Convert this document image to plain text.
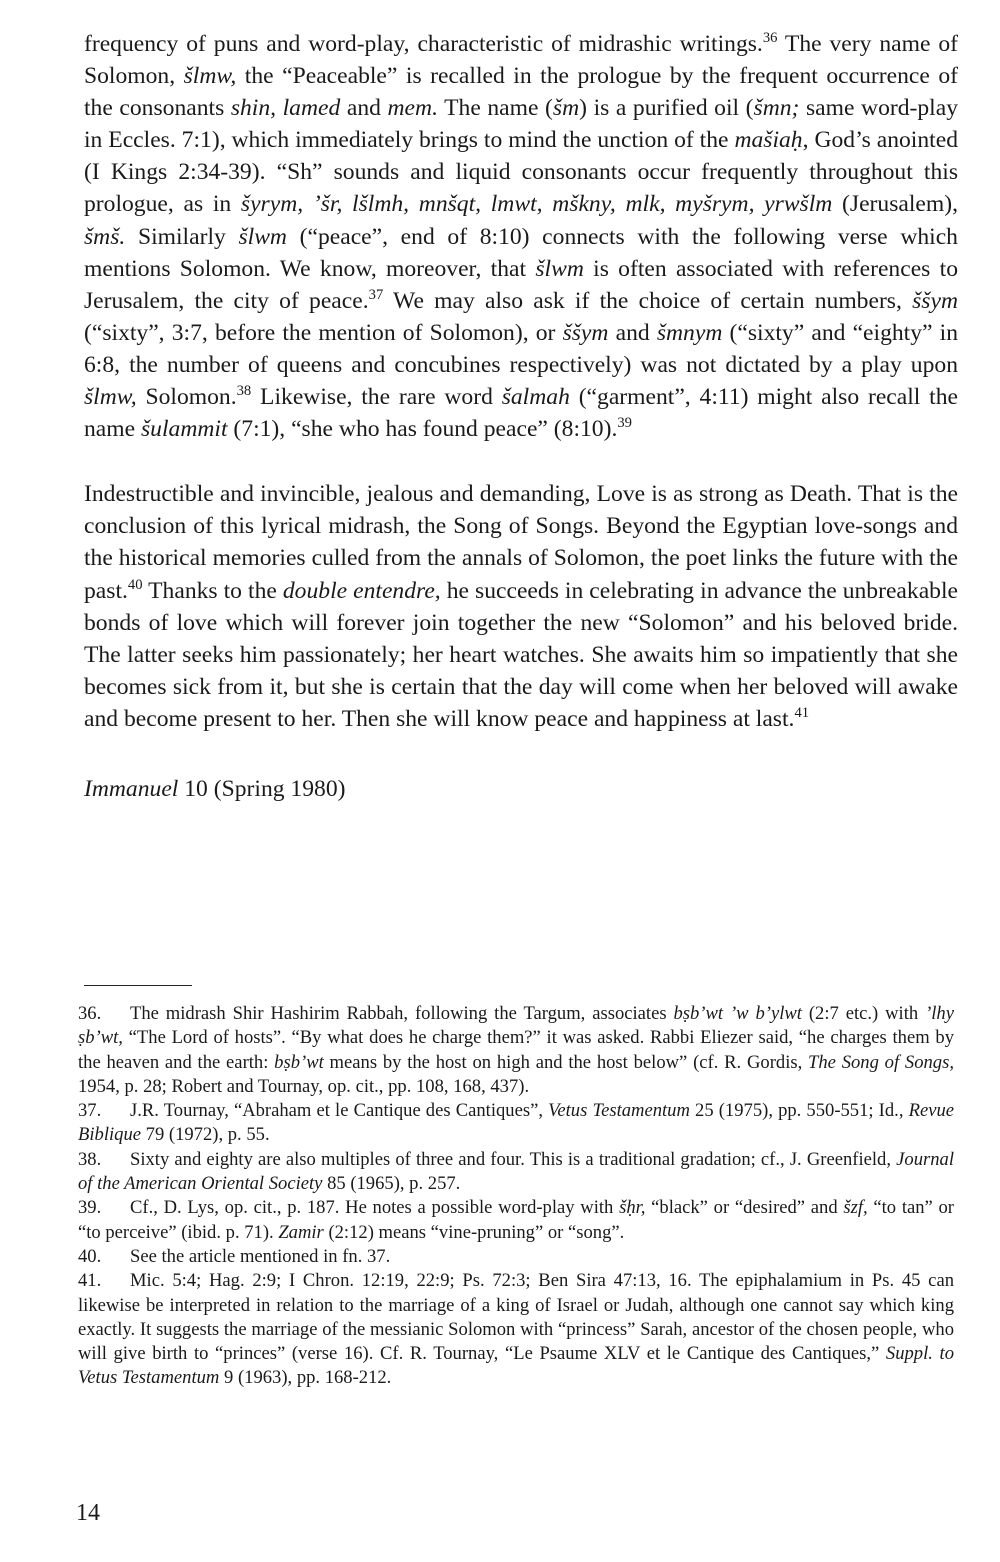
frequency of puns and word-play, characteristic of midrashic writings.$^{36}$ The very name of Solomon, šlmw, the “Peaceable” is recalled in the prologue by the frequent occurrence of the consonants shin, lamed and mem. The name (šm) is a purified oil (šmn; same word-play in Eccles. 7:1), which immediately brings to mind the unction of the mašiaḥ, God’s anointed (I Kings 2:34-39). “Sh” sounds and liquid consonants occur frequently throughout this prologue, as in šyrym, ’šr, lšlmh, mnšqt, lmwt, mškny, mlk, myšrym, yrwšlm (Jerusalem), šmš. Similarly šlwm (“peace”, end of 8:10) connects with the following verse which mentions Solomon. We know, moreover, that šlwm is often associated with references to Jerusalem, the city of peace.$^{37}$ We may also ask if the choice of certain numbers, ššym (“sixty”, 3:7, before the mention of Solomon), or ššym and šmnym (“sixty” and “eighty” in 6:8, the number of queens and concubines respectively) was not dictated by a play upon šlmw, Solomon.$^{38}$ Likewise, the rare word šalmah (“garment”, 4:11) might also recall the name šulammit (7:1), “she who has found peace” (8:10).$^{39}$

Indestructible and invincible, jealous and demanding, Love is as strong as Death. That is the conclusion of this lyrical midrash, the Song of Songs. Beyond the Egyptian love-songs and the historical memories culled from the annals of Solomon, the poet links the future with the past.$^{40}$ Thanks to the double entendre, he succeeds in celebrating in advance the unbreakable bonds of love which will forever join together the new “Solomon” and his beloved bride. The latter seeks him passionately; her heart watches. She awaits him so impatiently that she becomes sick from it, but she is certain that the day will come when her beloved will awake and become present to her. Then she will know peace and happiness at last.$^{41}$

Immanuel 10 (Spring 1980)

36. The midrash Shir Hashirim Rabbah, following the Targum, associates bṣb’wt ’w b’ylwt (2:7 etc.) with ’lhy ṣb’wt, “The Lord of hosts”. “By what does he charge them?” it was asked. Rabbi Eliezer said, “he charges them by the heaven and the earth: bṣb’wt means by the host on high and the host below” (cf. R. Gordis, The Song of Songs, 1954, p. 28; Robert and Tournay, op. cit., pp. 108, 168, 437).

37. J.R. Tournay, “Abraham et le Cantique des Cantiques”, Vetus Testamentum 25 (1975), pp. 550-551; Id., Revue Biblique 79 (1972), p. 55.

38. Sixty and eighty are also multiples of three and four. This is a traditional gradation; cf., J. Greenfield, Journal of the American Oriental Society 85 (1965), p. 257.

39. Cf., D. Lys, op. cit., p. 187. He notes a possible word-play with šḥr, “black” or “desired” and šzf, “to tan” or “to perceive” (ibid. p. 71). Zamir (2:12) means “vine-pruning” or “song”.

40. See the article mentioned in fn. 37.

41. Mic. 5:4; Hag. 2:9; I Chron. 12:19, 22:9; Ps. 72:3; Ben Sira 47:13, 16. The epiphalamium in Ps. 45 can likewise be interpreted in relation to the marriage of a king of Israel or Judah, although one cannot say which king exactly. It suggests the marriage of the messianic Solomon with “princess” Sarah, ancestor of the chosen people, who will give birth to “princes” (verse 16). Cf. R. Tournay, “Le Psaume XLV et le Cantique des Cantiques,” Suppl. to Vetus Testamentum 9 (1963), pp. 168-212.

14
